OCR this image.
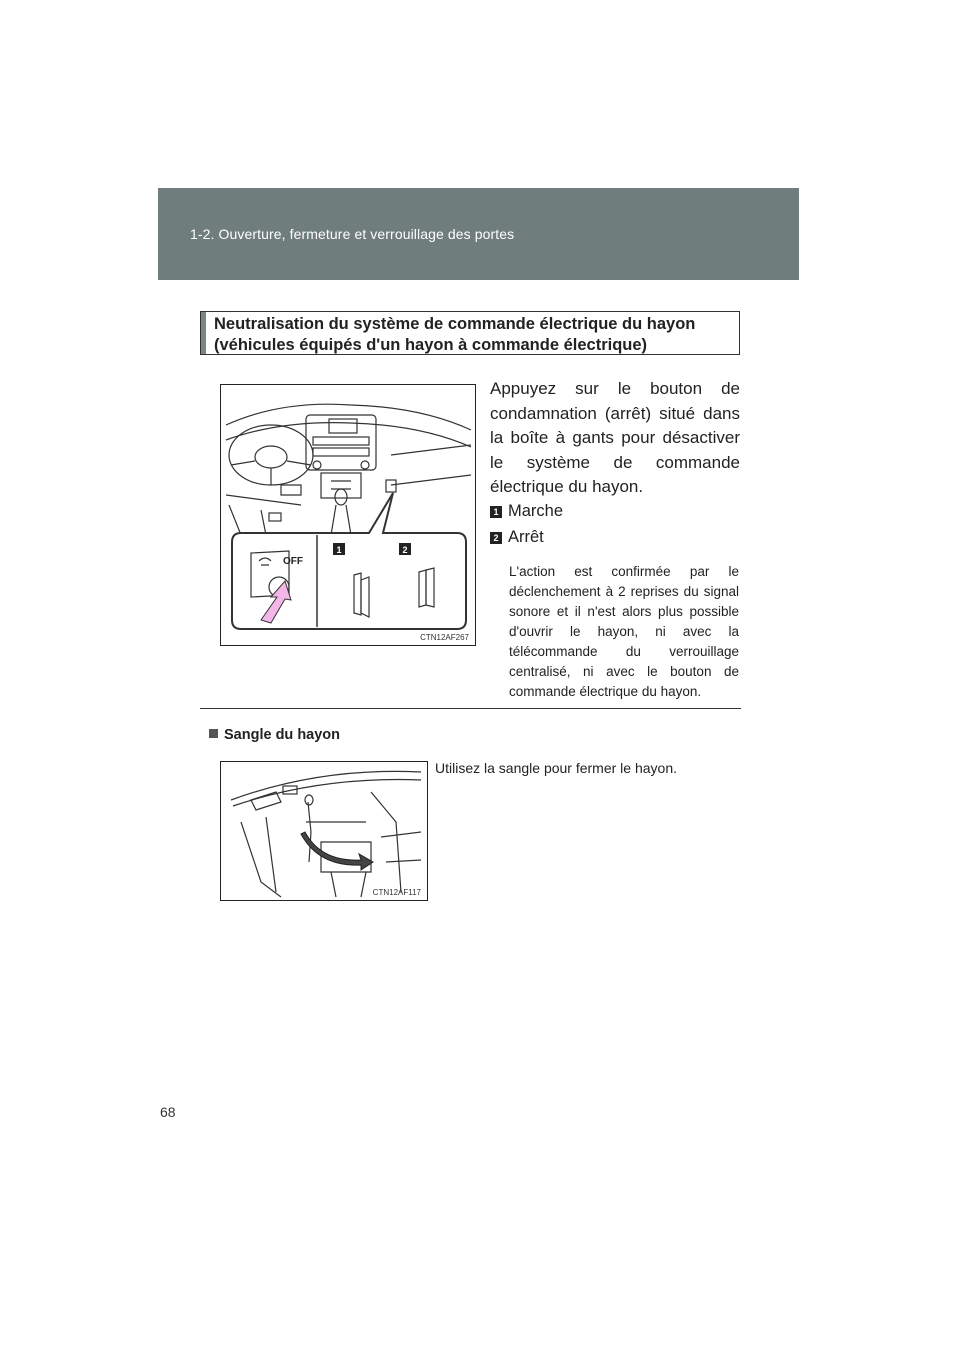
1-2. Ouverture, fermeture et verrouillage des portes
Neutralisation du système de commande électrique du hayon
(véhicules équipés d'un hayon à commande électrique)
OFF
1	2
CTN12AF267
Appuyez sur le bouton de
condamnation (arrêt) situé dans
la boîte à gants pour désactiver
le système de commande
électrique du hayon.
1 Marche
2 Arrêt
L'action est confirmée par le déclenchement à 2 reprises du signal sonore et il n'est alors plus possible d'ouvrir le hayon, ni avec la télécommande du verrouillage centralisé, ni avec le bouton de commande électrique du hayon.
Sangle du hayon
Utilisez la sangle pour fermer le hayon.
CTN12AF117
68
